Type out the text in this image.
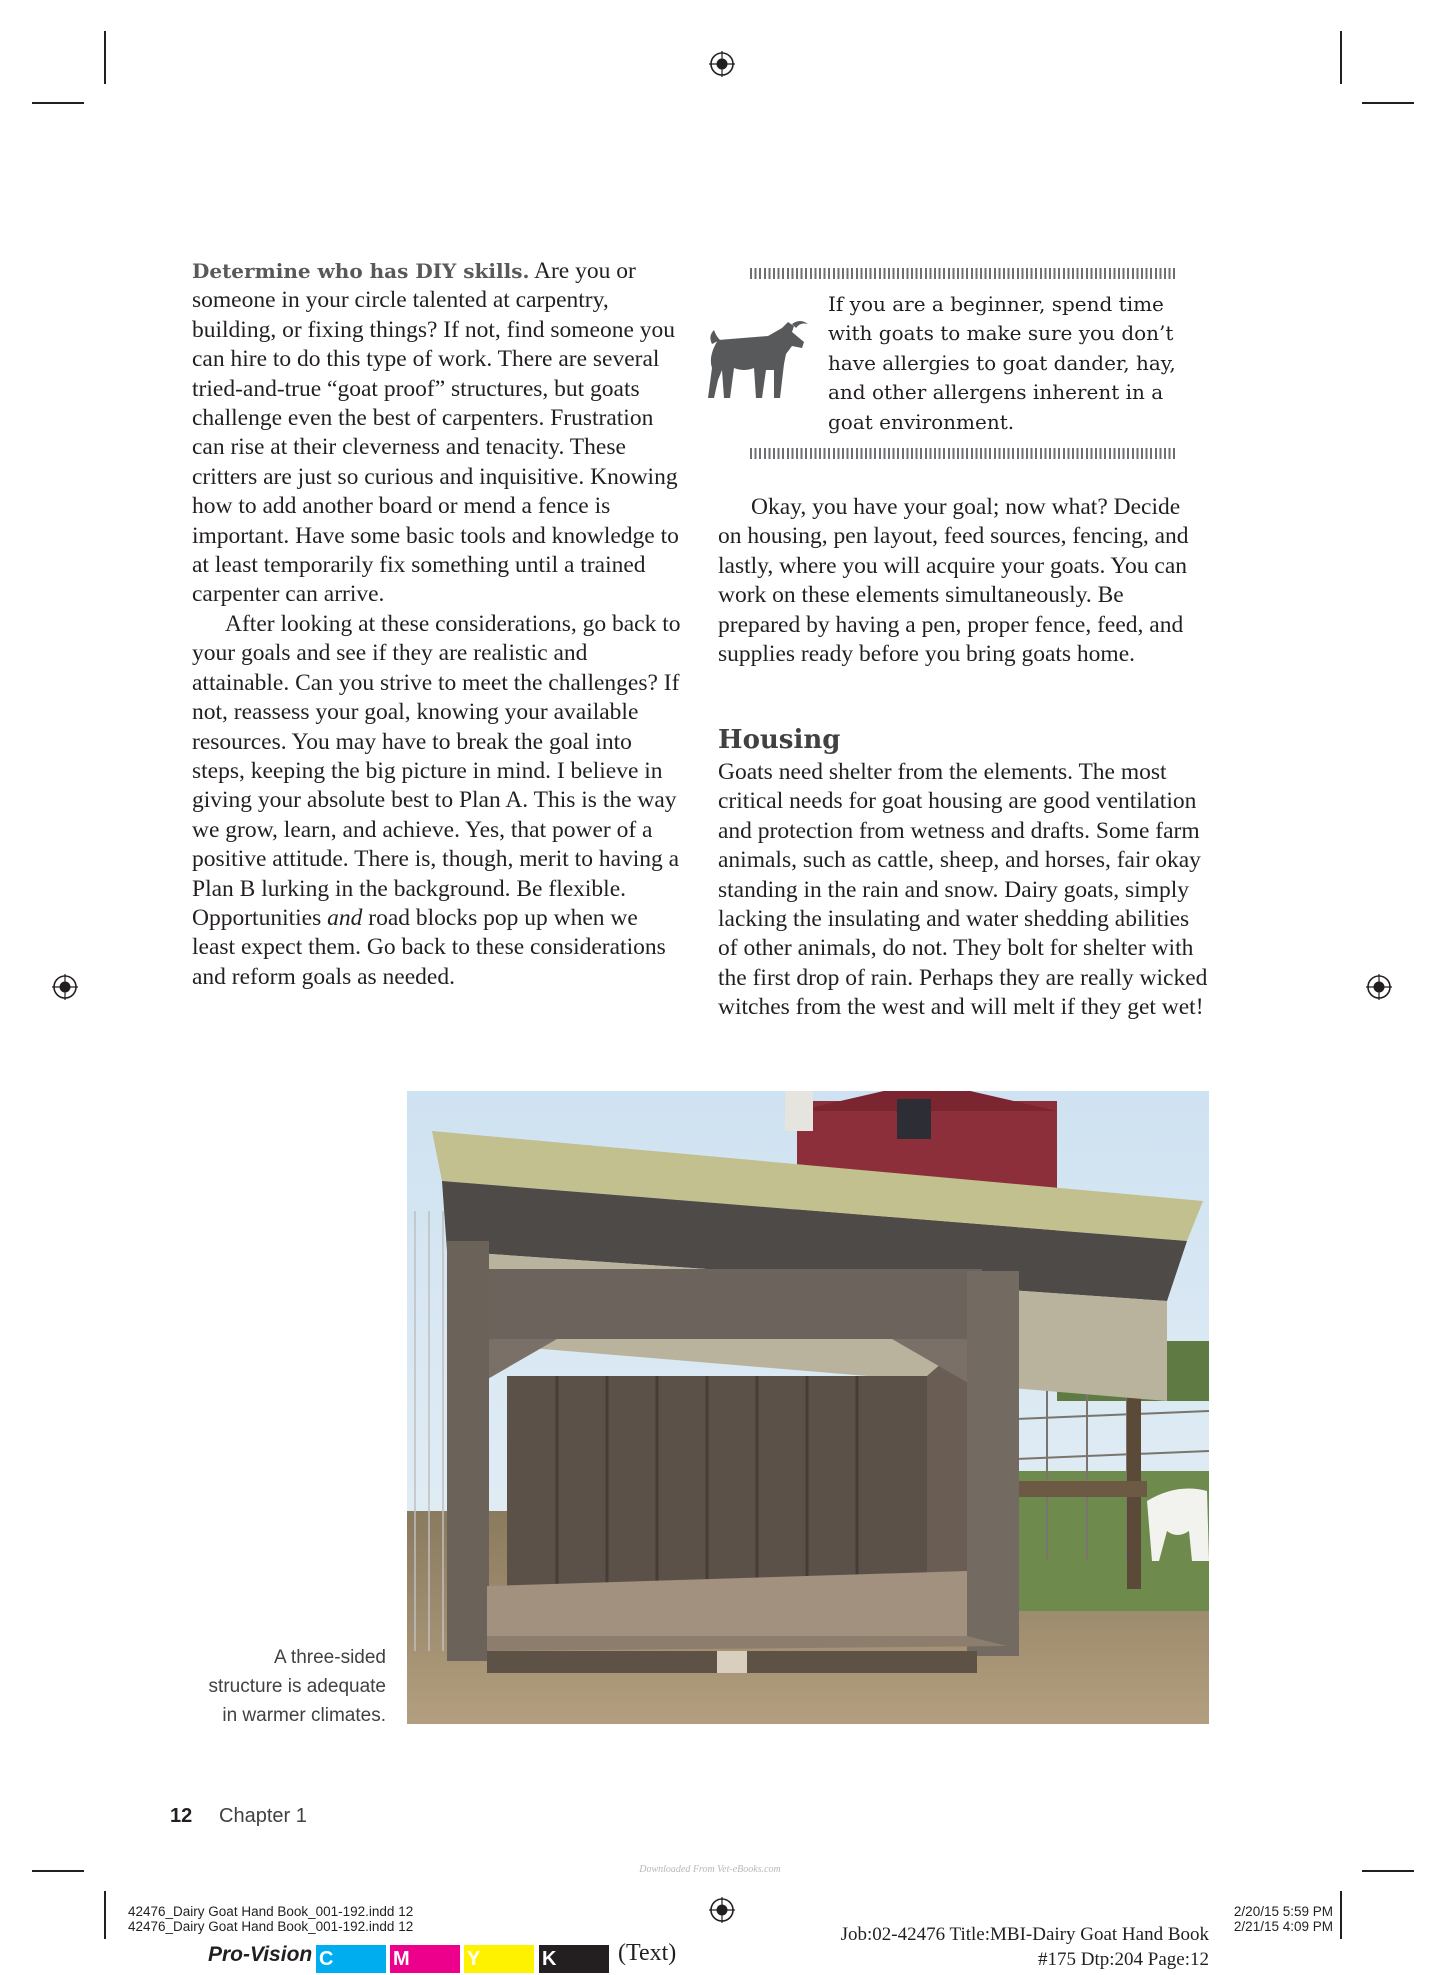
Determine who has DIY skills. Are you or someone in your circle talented at carpentry, building, or fixing things? If not, find someone you can hire to do this type of work. There are several tried-and-true “goat proof” structures, but goats challenge even the best of carpenters. Frustration can rise at their cleverness and tenacity. These critters are just so curious and inquisitive. Knowing how to add another board or mend a fence is important. Have some basic tools and knowledge to at least temporarily fix something until a trained carpenter can arrive.

After looking at these considerations, go back to your goals and see if they are realistic and attainable. Can you strive to meet the challenges? If not, reassess your goal, knowing your available resources. You may have to break the goal into steps, keeping the big picture in mind. I believe in giving your absolute best to Plan A. This is the way we grow, learn, and achieve. Yes, that power of a positive attitude. There is, though, merit to having a Plan B lurking in the background. Be flexible. Opportunities and road blocks pop up when we least expect them. Go back to these considerations and reform goals as needed.

If you are a beginner, spend time with goats to make sure you don’t have allergies to goat dander, hay, and other allergens inherent in a goat environment.

Okay, you have your goal; now what? Decide on housing, pen layout, feed sources, fencing, and lastly, where you will acquire your goats. You can work on these elements simultaneously. Be prepared by having a pen, proper fence, feed, and supplies ready before you bring goats home.

Housing

Goats need shelter from the elements. The most critical needs for goat housing are good ventilation and protection from wetness and drafts. Some farm animals, such as cattle, sheep, and horses, fair okay standing in the rain and snow. Dairy goats, simply lacking the insulating and water shedding abilities of other animals, do not. They bolt for shelter with the first drop of rain. Perhaps they are really wicked witches from the west and will melt if they get wet!

A three-sided
structure is adequate
in warmer climates.
12 Chapter 1
Downloaded From Vet-eBooks.com
42476_Dairy Goat Hand Book_001-192.indd 12
42476_Dairy Goat Hand Book_001-192.indd 12
2/20/15 5:59 PM
2/21/15 4:09 PM
Pro-Vision C	M	Y	K	(Text)
Job:02-42476 Title:MBI-Dairy Goat Hand Book
#175 Dtp:204 Page:12
